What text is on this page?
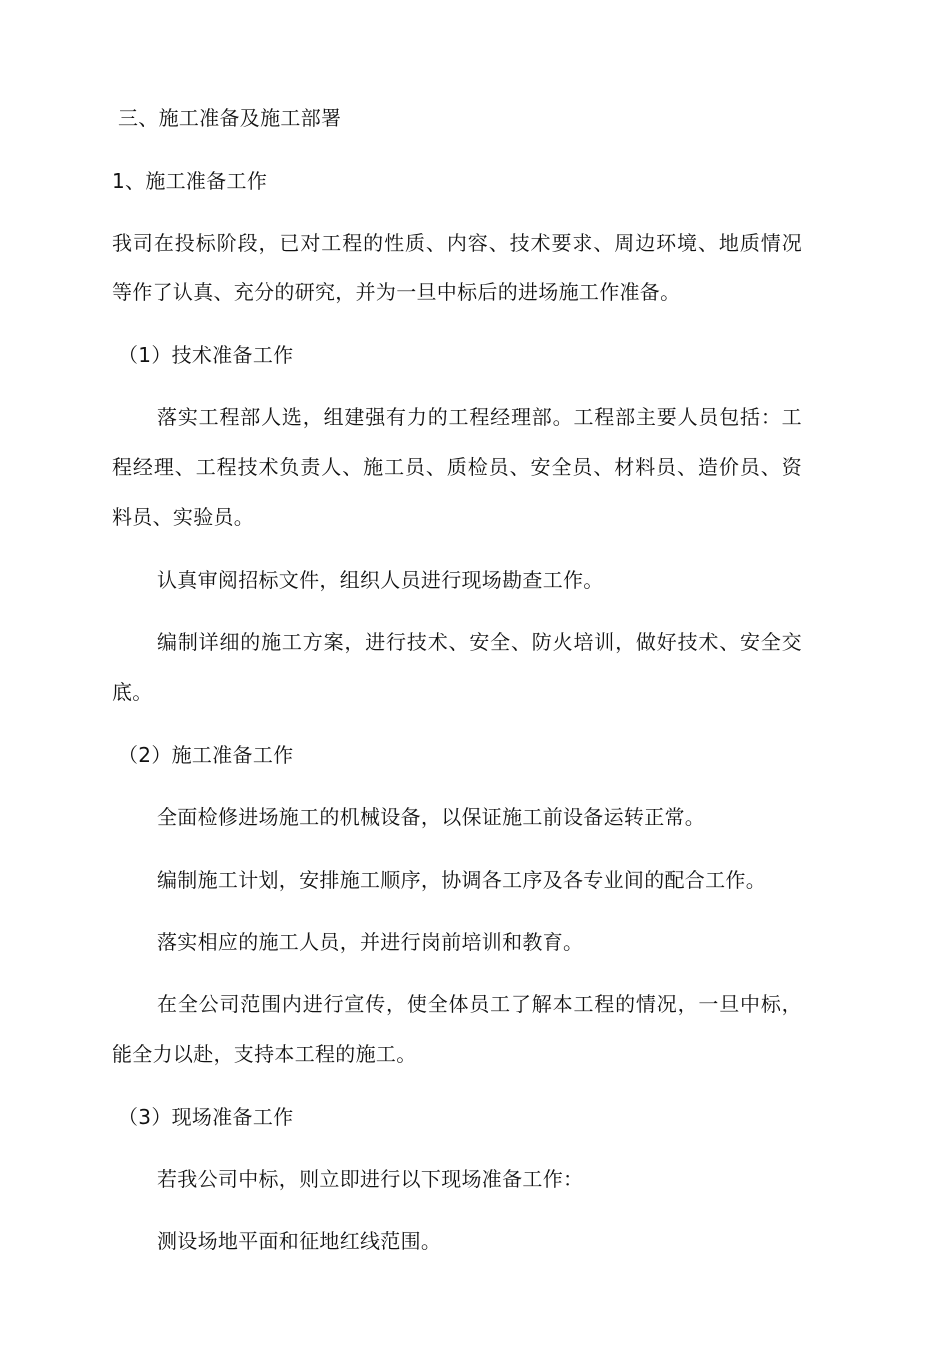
三、施工准备及施工部署
1、施工准备工作
我司在投标阶段，已对工程的性质、内容、技术要求、周边环境、地质情况
等作了认真、充分的研究，并为一旦中标后的进场施工作准备。
（1）技术准备工作
落实工程部人选，组建强有力的工程经理部。工程部主要人员包括：工
程经理、工程技术负责人、施工员、质检员、安全员、材料员、造价员、资
料员、实验员。
认真审阅招标文件，组织人员进行现场勘查工作。
编制详细的施工方案，进行技术、安全、防火培训，做好技术、安全交
底。
（2）施工准备工作
全面检修进场施工的机械设备，以保证施工前设备运转正常。
编制施工计划，安排施工顺序，协调各工序及各专业间的配合工作。
落实相应的施工人员，并进行岗前培训和教育。
在全公司范围内进行宣传，使全体员工了解本工程的情况，一旦中标，
能全力以赴，支持本工程的施工。
（3）现场准备工作
若我公司中标，则立即进行以下现场准备工作：
测设场地平面和征地红线范围。
